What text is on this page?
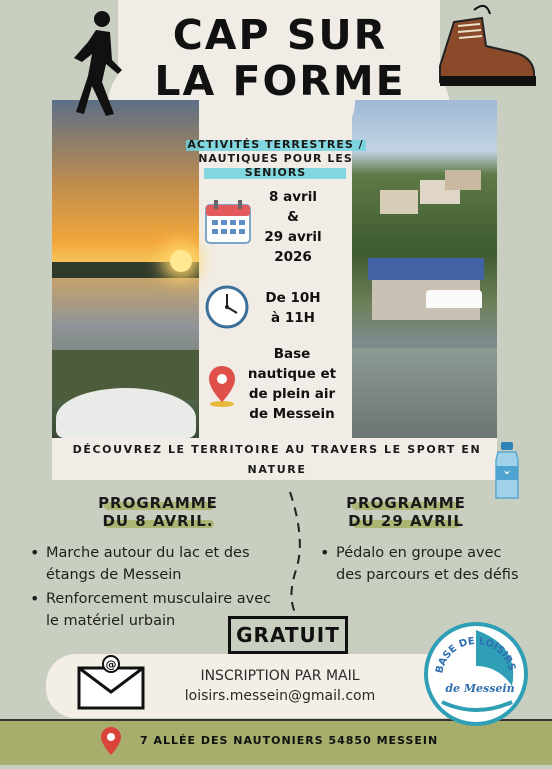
CAP SUR
LA FORME
ACTIVITÉS TERRESTRES /
NAUTIQUES POUR LES
SENIORS
8 avril
&
29 avril
2026
De 10H
à 11H
Base
nautique et
de plein air
de Messein
DÉCOUVREZ LE TERRITOIRE AU TRAVERS LE SPORT EN
NATURE
PROGRAMME
DU 8 AVRIL.
• Marche autour du lac et des étangs de Messein
• Renforcement musculaire avec le matériel urbain
PROGRAMME
DU 29 AVRIL
• Pédalo en groupe avec des parcours et des défis
GRATUIT
@
INSCRIPTION PAR MAIL
loisirs.messein@gmail.com
7 ALLÉE DES NAUTONIERS 54850 MESSEIN
BASE DE LOISIRS
de Messein
